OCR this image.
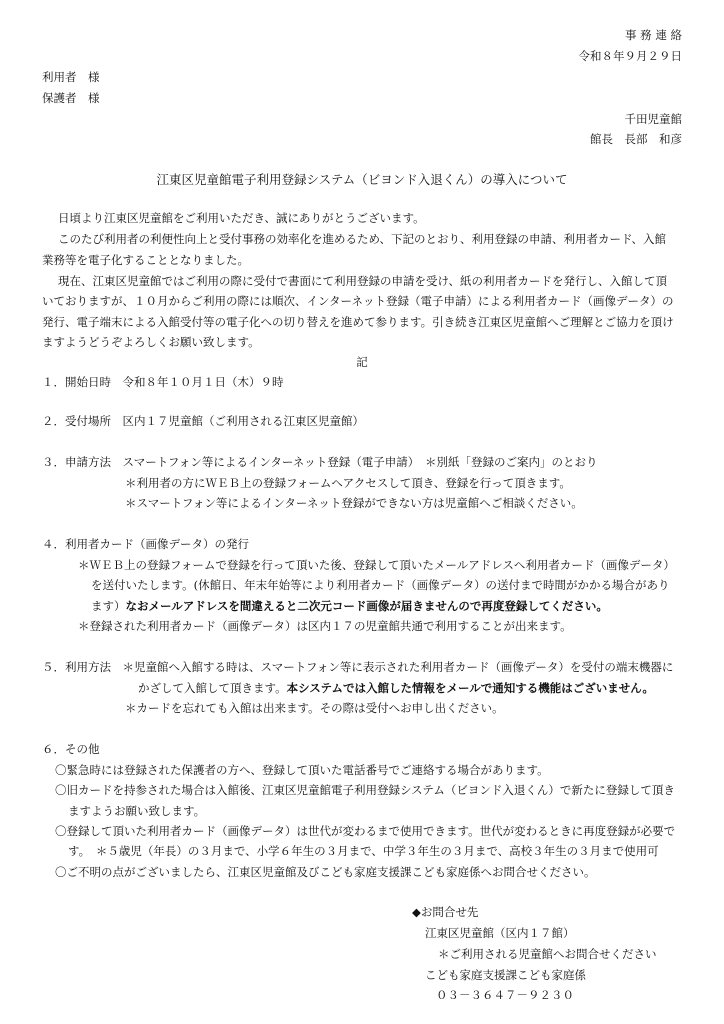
事 務 連 絡
令和８年９月２９日
利用者　様
保護者　様
千田児童館
館長　長部　和彦
江東区児童館電子利用登録システム（ビヨンド入退くん）の導入について
日頃より江東区児童館をご利用いただき、誠にありがとうございます。
このたび利用者の利便性向上と受付事務の効率化を進めるため、下記のとおり、利用登録の申請、利用者カード、入館
業務等を電子化することとなりました。
現在、江東区児童館ではご利用の際に受付で書面にて利用登録の申請を受け、紙の利用者カードを発行し、入館して頂
いておりますが、１０月からご利用の際には順次、インターネット登録（電子申請）による利用者カード（画像データ）の
発行、電子端末による入館受付等の電子化への切り替えを進めて参ります。引き続き江東区児童館へご理解とご協力を頂け
ますようどうぞよろしくお願い致します。
記
１．開始日時　令和８年１０月１日（木）９時
２．受付場所　区内１７児童館（ご利用される江東区児童館）
３．申請方法　スマートフォン等によるインターネット登録（電子申請）　＊別紙「登録のご案内」のとおり
＊利用者の方にＷＥＢ上の登録フォームへアクセスして頂き、登録を行って頂きます。
＊スマートフォン等によるインターネット登録ができない方は児童館へご相談ください。
４．利用者カード（画像データ）の発行
＊ＷＥＢ上の登録フォームで登録を行って頂いた後、登録して頂いたメールアドレスへ利用者カード（画像データ）
を送付いたします。(休館日、年末年始等により利用者カード（画像データ）の送付まで時間がかかる場合があり
ます）なおメールアドレスを間違えると二次元コード画像が届きませんので再度登録してください。
＊登録された利用者カード（画像データ）は区内１７の児童館共通で利用することが出来ます。
５．利用方法　＊児童館へ入館する時は、スマートフォン等に表示された利用者カード（画像データ）を受付の端末機器に
かざして入館して頂きます。本システムでは入館した情報をメールで通知する機能はございません。
＊カードを忘れても入館は出来ます。その際は受付へお申し出ください。
６．その他
〇緊急時には登録された保護者の方へ、登録して頂いた電話番号でご連絡する場合があります。
〇旧カードを持参された場合は入館後、江東区児童館電子利用登録システム（ビヨンド入退くん）で新たに登録して頂き
ますようお願い致します。
〇登録して頂いた利用者カード（画像データ）は世代が変わるまで使用できます。世代が変わるときに再度登録が必要で
す。　＊５歳児（年長）の３月まで、小学６年生の３月まで、中学３年生の３月まで、高校３年生の３月まで使用可
〇ご不明の点がございましたら、江東区児童館及びこども家庭支援課こども家庭係へお問合せください。
◆お問合せ先
江東区児童館（区内１７館）
＊ご利用される児童館へお問合せください
こども家庭支援課こども家庭係
０３－３６４７－９２３０
